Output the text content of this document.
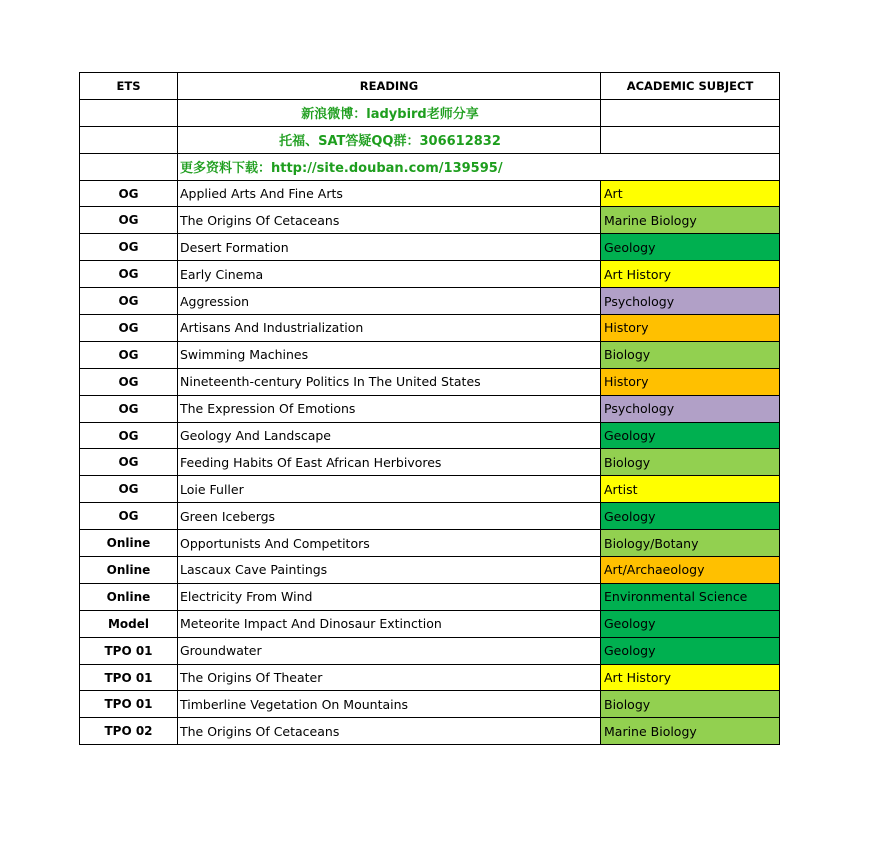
ETS	READING	ACADEMIC SUBJECT
	新浪微博：ladybird老师分享	
	托福、SAT答疑QQ群：306612832	
	更多资料下载：http://site.douban.com/139595/	
OG	Applied Arts And Fine Arts	Art
OG	The Origins Of Cetaceans	Marine Biology
OG	Desert Formation	Geology
OG	Early Cinema	Art History
OG	Aggression	Psychology
OG	Artisans And Industrialization	History
OG	Swimming Machines	Biology
OG	Nineteenth-century Politics In The United States	History
OG	The Expression Of Emotions	Psychology
OG	Geology And Landscape	Geology
OG	Feeding Habits Of East African Herbivores	Biology
OG	Loie Fuller	Artist
OG	Green Icebergs	Geology
Online	Opportunists And Competitors	Biology/Botany
Online	Lascaux Cave Paintings	Art/Archaeology
Online	Electricity From Wind	Environmental Science
Model	Meteorite Impact And Dinosaur Extinction	Geology
TPO 01	Groundwater	Geology
TPO 01	The Origins Of Theater	Art History
TPO 01	Timberline Vegetation On Mountains	Biology
TPO 02	The Origins Of Cetaceans	Marine Biology
